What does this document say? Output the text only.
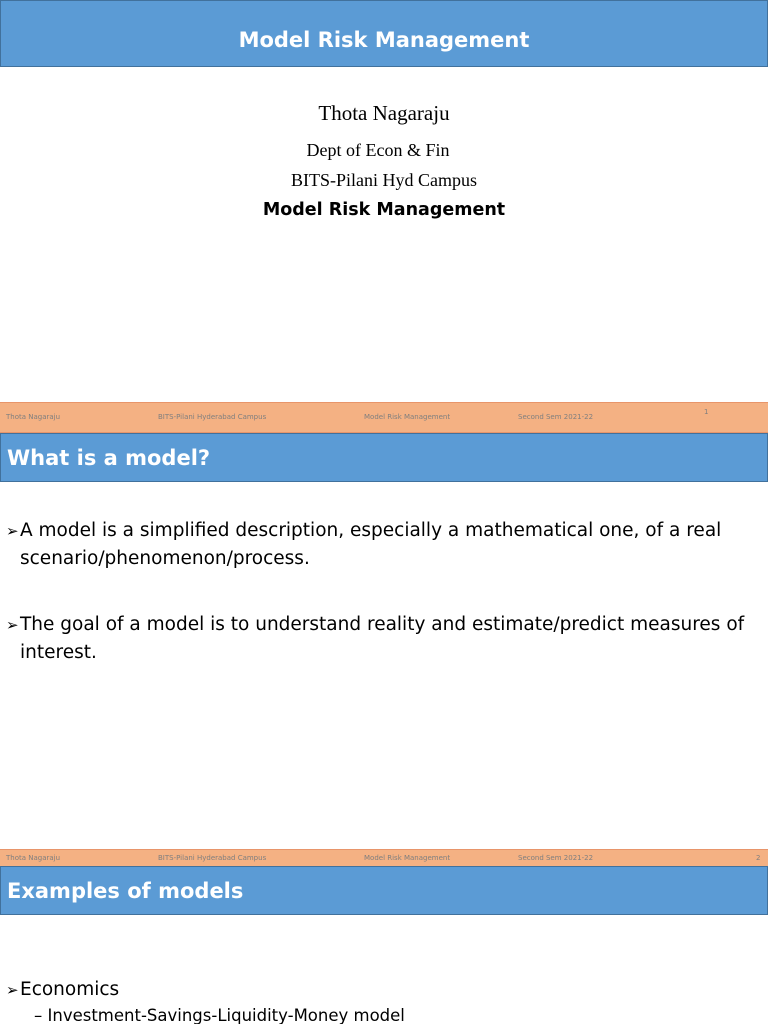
Model Risk Management
Thota Nagaraju
Dept of Econ & Fin
BITS-Pilani Hyd Campus
Model Risk Management
Thota Nagaraju	BITS-Pilani Hyderabad Campus	Model Risk Management	Second Sem 2021-22
1
What is a model?
➢A model is a simplified description, especially a mathematical one, of a real scenario/phenomenon/process.
➢The goal of a model is to understand reality and estimate/predict measures of interest.
Thota Nagaraju	BITS-Pilani Hyderabad Campus	Model Risk Management	Second Sem 2021-22	2
Examples of models
➢Economics
– Investment-Savings-Liquidity-Money model
